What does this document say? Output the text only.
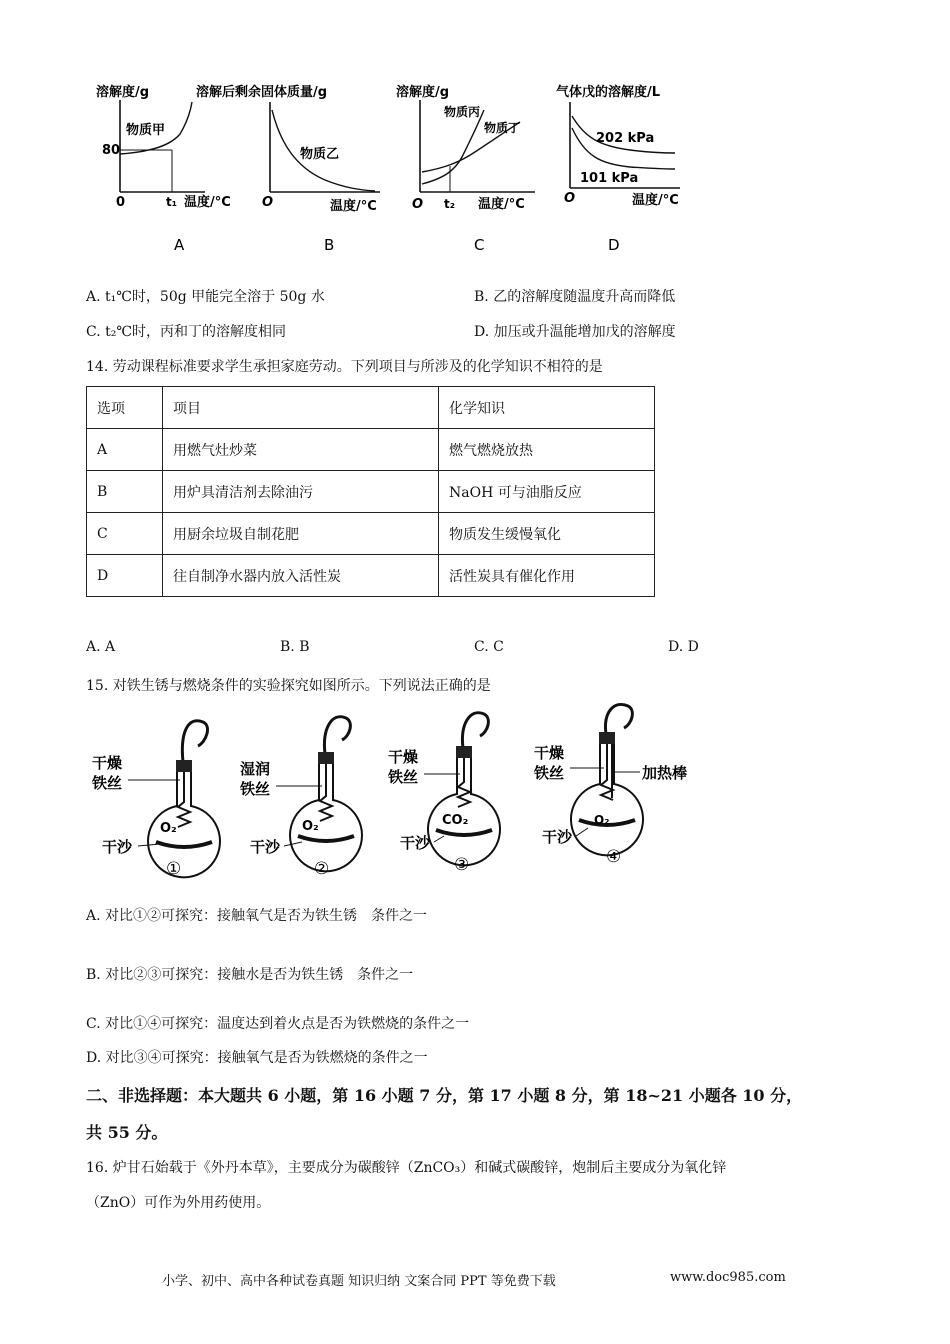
溶解度/g
物质甲
80
0	t₁ 温度/°C
A
溶解后剩余固体质量/g
物质乙
O	温度/°C
B
溶解度/g
物质丙
物质丁
O t₂ 温度/°C
C
气体戊的溶解度/L
202 kPa
101 kPa
O	温度/°C
D
A. t₁℃时，50g 甲能完全溶于 50g 水	B. 乙的溶解度随温度升高而降低
C. t₂℃时，丙和丁的溶解度相同	D. 加压或升温能增加戊的溶解度
14. 劳动课程标准要求学生承担家庭劳动。下列项目与所涉及的化学知识不相符的是
选项	项目	化学知识
A	用燃气灶炒菜	燃气燃烧放热
B	用炉具清洁剂去除油污	NaOH 可与油脂反应
C	用厨余垃圾自制花肥	物质发生缓慢氧化
D	往自制净水器内放入活性炭	活性炭具有催化作用
A. A	B. B	C. C	D. D
15. 对铁生锈与燃烧条件的实验探究如图所示。下列说法正确的是
干燥
铁丝
O₂
干沙
①
湿润
铁丝
O₂
干沙
②
干燥
铁丝
CO₂
干沙
③
干燥
铁丝	加热棒
O₂
干沙
④
A. 对比①②可探究：接触氧气是否为铁生锈　条件之一
B. 对比②③可探究：接触水是否为铁生锈　条件之一
C. 对比①④可探究：温度达到着火点是否为铁燃烧的条件之一
D. 对比③④可探究：接触氧气是否为铁燃烧的条件之一
二、非选择题：本大题共 6 小题，第 16 小题 7 分，第 17 小题 8 分，第 18~21 小题各 10 分，
共 55 分。
16. 炉甘石始载于《外丹本草》，主要成分为碳酸锌（ZnCO₃）和碱式碳酸锌，炮制后主要成分为氧化锌
（ZnO）可作为外用药使用。
小学、初中、高中各种试卷真题 知识归纳 文案合同 PPT 等免费下载	www.doc985.com
